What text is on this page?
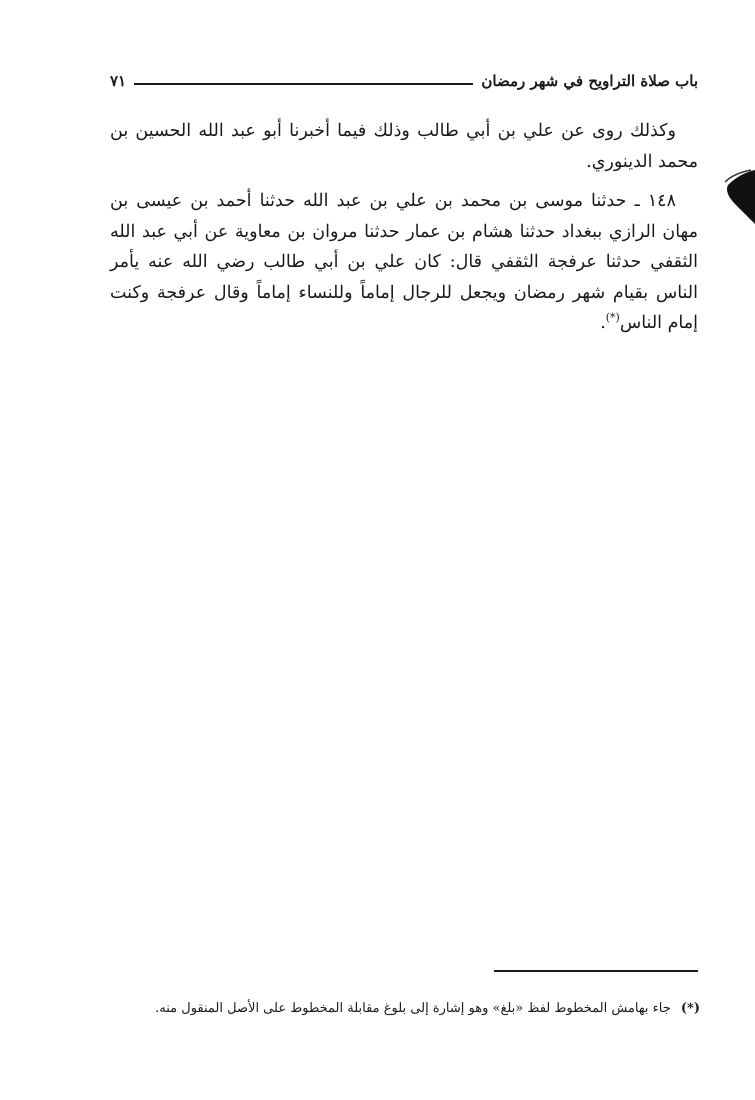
باب صلاة التراويح في شهر رمضان
٧١

وكذلك روى عن علي بن أبي طالب وذلك فيما أخبرنا أبو عبد الله الحسين بن محمد الدينوري.

١٤٨ ـ حدثنا موسى بن محمد بن علي بن عبد الله حدثنا أحمد بن عيسى بن مهان الرازي ببغداد حدثنا هشام بن عمار حدثنا مروان بن معاوية عن أبي عبد الله الثقفي حدثنا عرفجة الثقفي قال: كان علي بن أبي طالب رضي الله عنه يأمر الناس بقيام شهر رمضان ويجعل للرجال إماماً وللنساء إماماً وقال عرفجة وكنت إمام الناس(*).

(*) جاء بهامش المخطوط لفظ «بلغ» وهو إشارة إلى بلوغ مقابلة المخطوط على الأصل المنقول منه.
